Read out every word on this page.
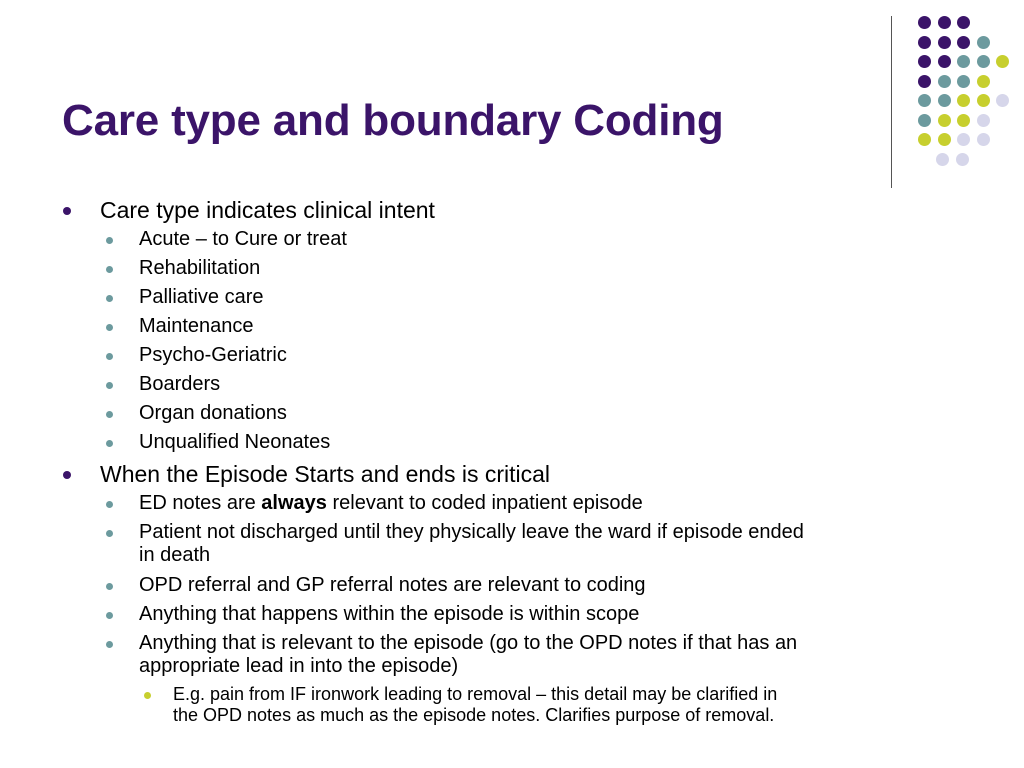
Care type and boundary Coding
Care type indicates clinical intent
Acute – to Cure or treat
Rehabilitation
Palliative care
Maintenance
Psycho-Geriatric
Boarders
Organ donations
Unqualified Neonates
When the Episode Starts and ends is critical
ED notes are always relevant to coded inpatient episode
Patient not discharged until they physically leave the ward if episode ended
in death
OPD referral and GP referral notes are relevant to coding
Anything that happens within the episode is within scope
Anything that is relevant to the episode (go to the OPD notes if that has an
appropriate lead in into the episode)
E.g. pain from IF ironwork leading to removal – this detail may be clarified in
the OPD notes as much as the episode notes. Clarifies purpose of removal.
